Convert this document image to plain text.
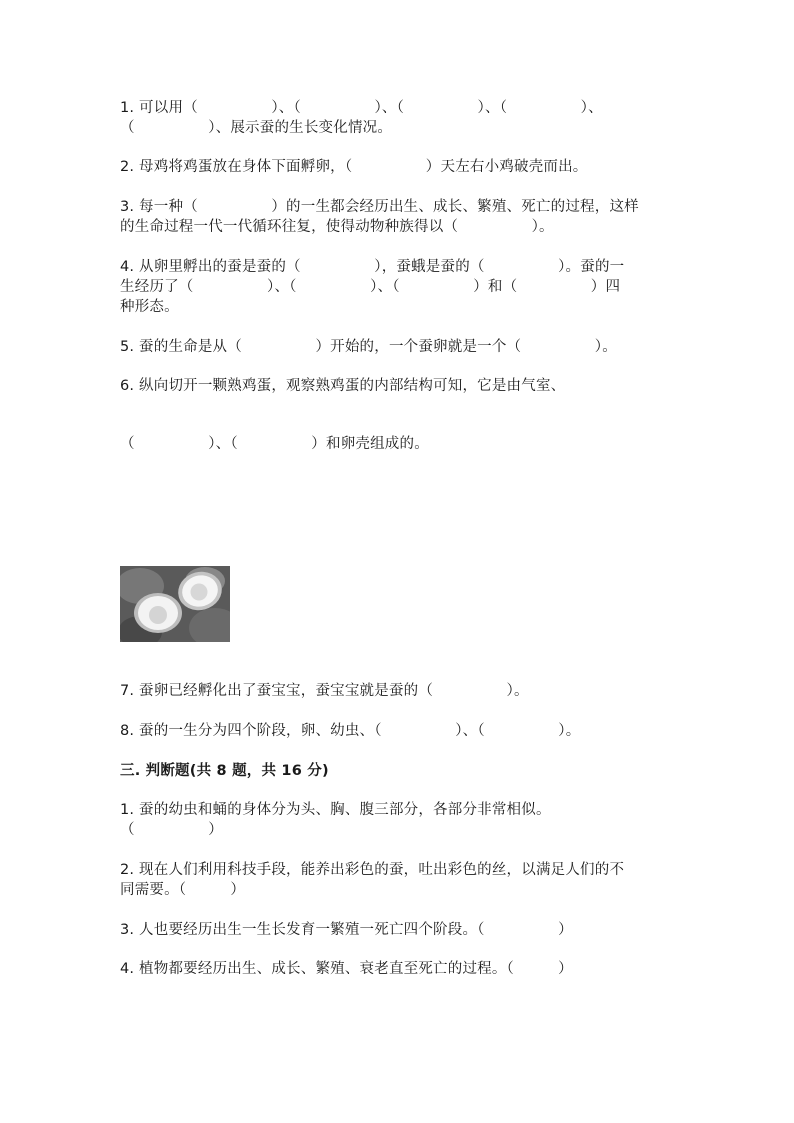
1. 可以用（　　　　　）、（　　　　　）、（　　　　　）、（　　　　　）、
（　　　　　）、展示蚕的生长变化情况。
2. 母鸡将鸡蛋放在身体下面孵卵，（　　　　　）天左右小鸡破壳而出。
3. 每一种（　　　　　）的一生都会经历出生、成长、繁殖、死亡的过程，这样
的生命过程一代一代循环往复，使得动物种族得以（　　　　　）。
4. 从卵里孵出的蚕是蚕的（　　　　　），蚕蛾是蚕的（　　　　　）。蚕的一
生经历了（　　　　　）、（　　　　　）、（　　　　　）和（　　　　　）四
种形态。
5. 蚕的生命是从（　　　　　）开始的，一个蚕卵就是一个（　　　　　）。
6. 纵向切开一颗熟鸡蛋，观察熟鸡蛋的内部结构可知，它是由气室、
（　　　　　）、（　　　　　）和卵壳组成的。
7. 蚕卵已经孵化出了蚕宝宝，蚕宝宝就是蚕的（　　　　　）。
8. 蚕的一生分为四个阶段，卵、幼虫、（　　　　　）、（　　　　　）。
三. 判断题(共 8 题，共 16 分)
1. 蚕的幼虫和蛹的身体分为头、胸、腹三部分，各部分非常相似。
（　　　　　）
2. 现在人们利用科技手段，能养出彩色的蚕，吐出彩色的丝，以满足人们的不
同需要。（　　　）
3. 人也要经历出生一生长发育一繁殖一死亡四个阶段。（　　　　　）
4. 植物都要经历出生、成长、繁殖、衰老直至死亡的过程。（　　　）
